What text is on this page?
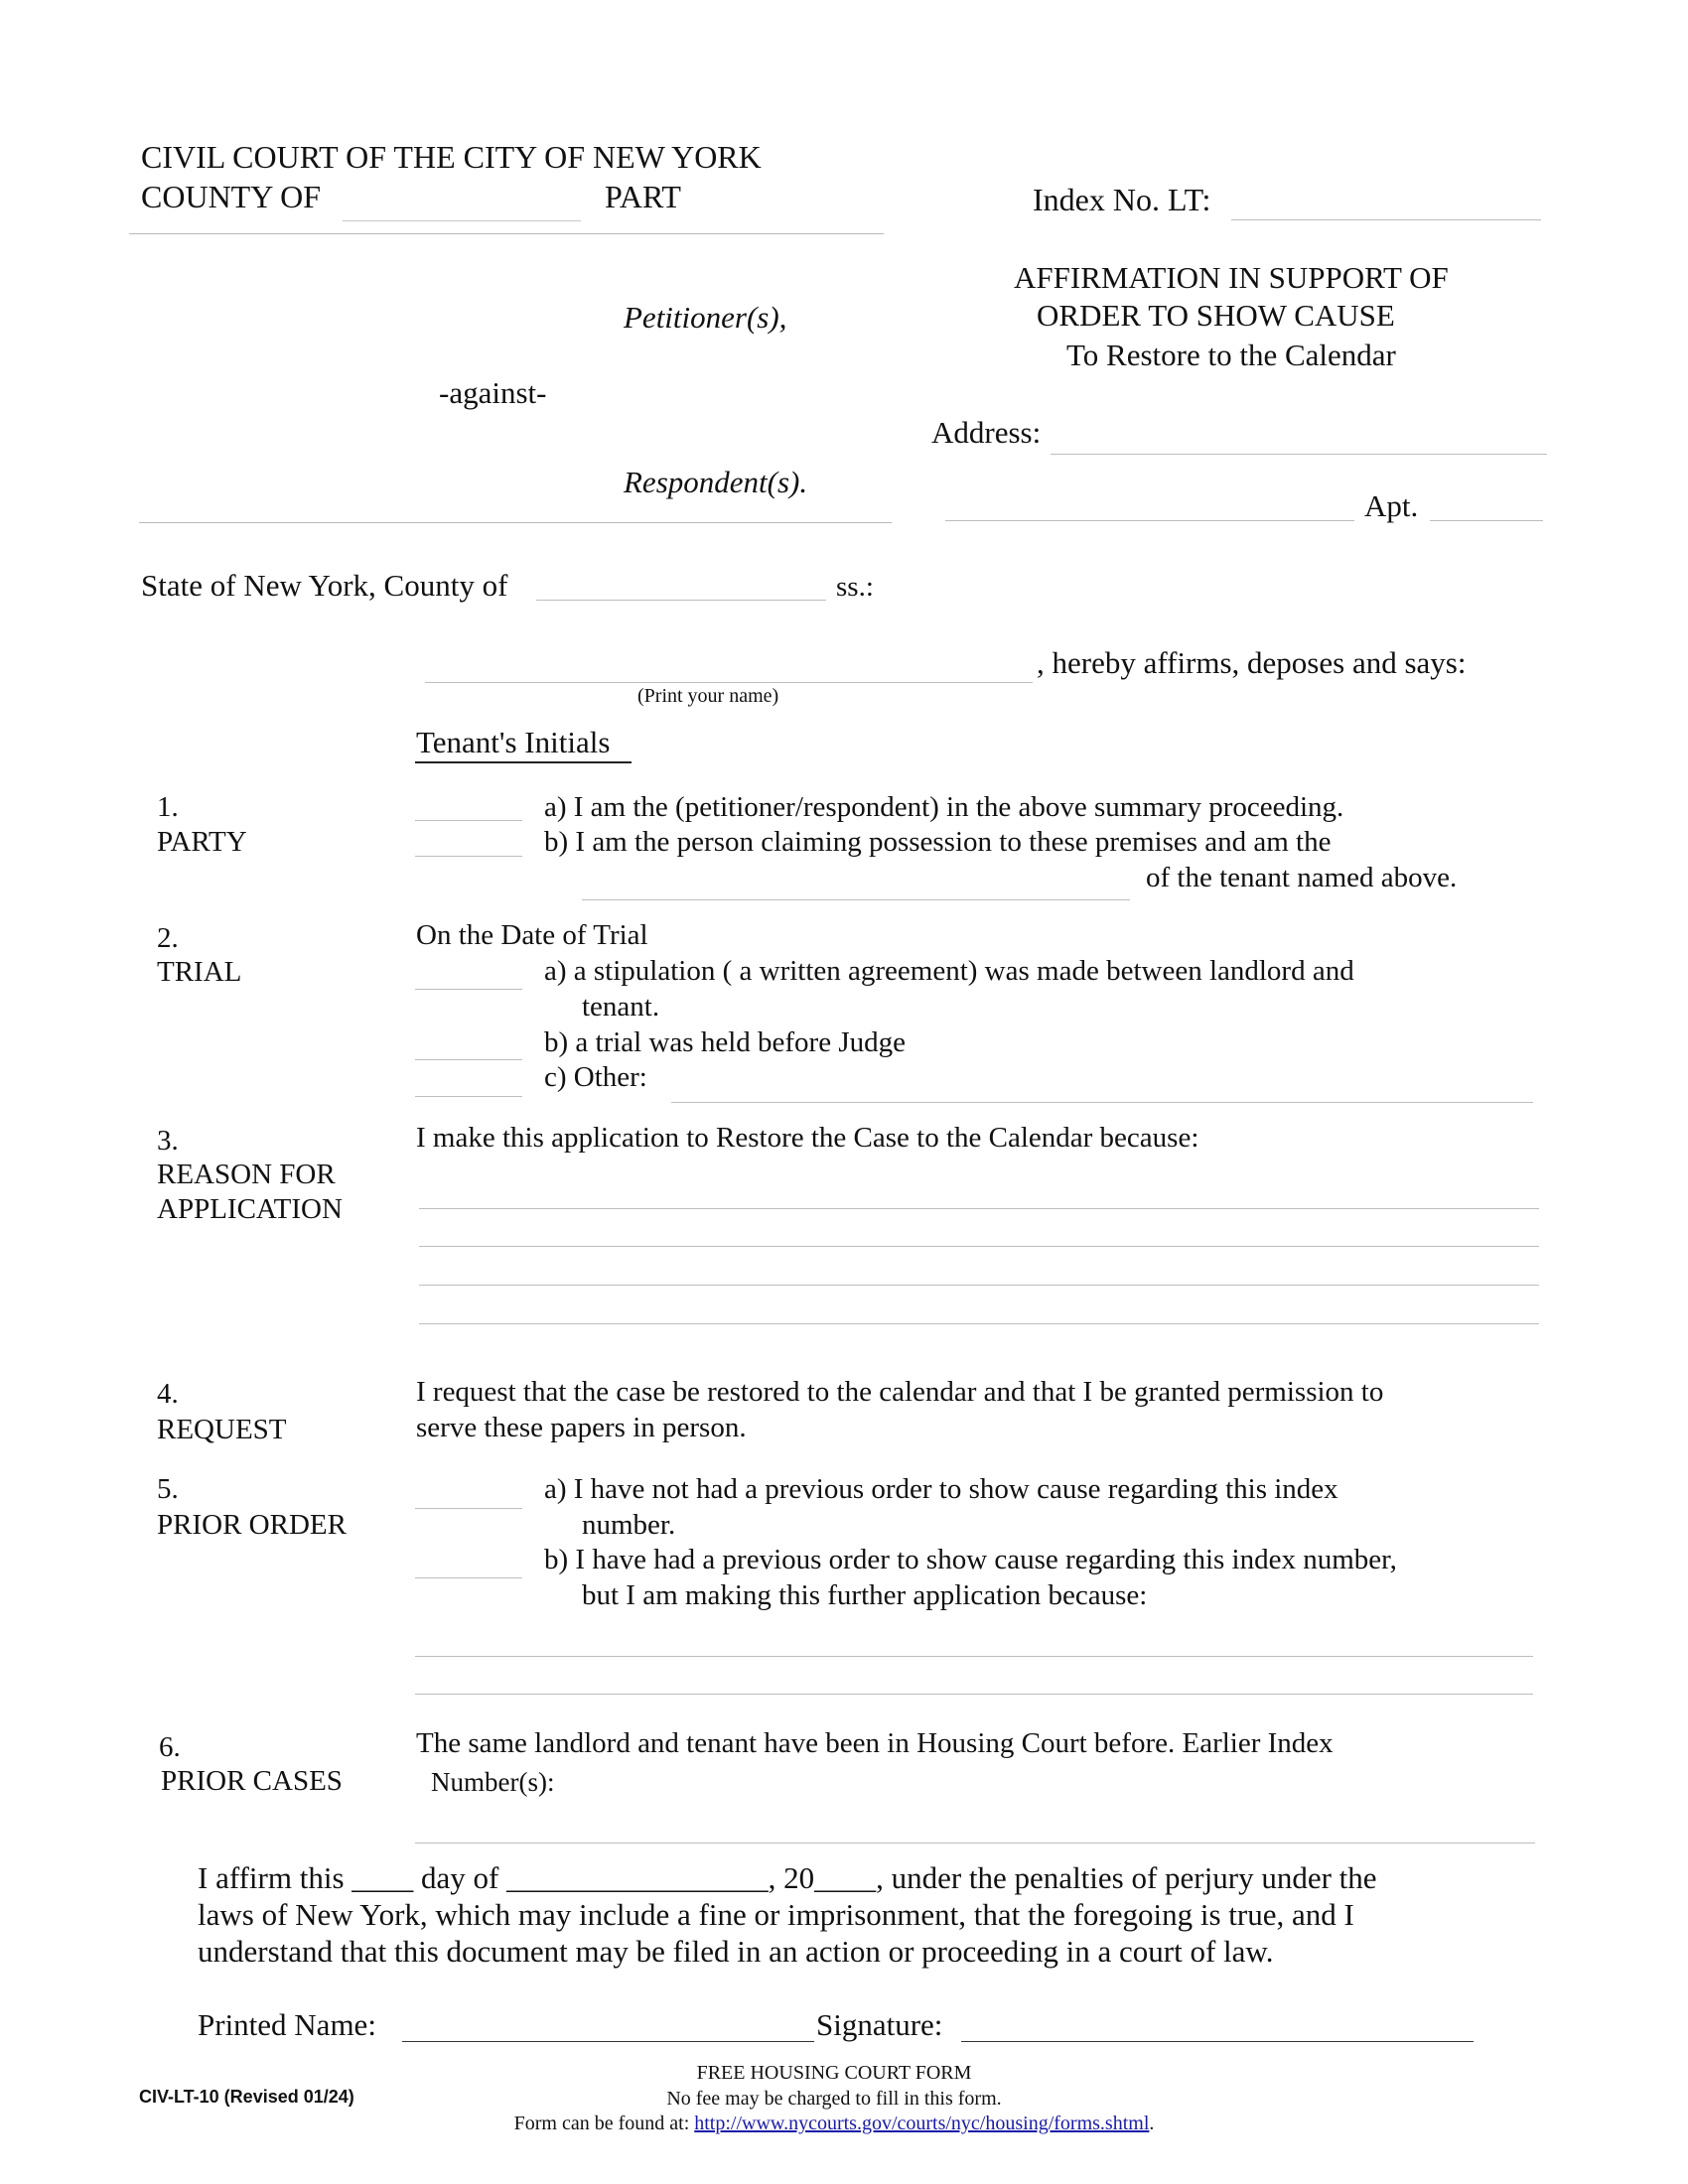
CIVIL COURT OF THE CITY OF NEW YORK
COUNTY OF	PART	Index No. LT:
Petitioner(s),
-against-
Respondent(s).
AFFIRMATION IN SUPPORT OF
ORDER TO SHOW CAUSE
To Restore to the Calendar
Address:
Apt.
State of New York, County of	ss.:
, hereby affirms, deposes and says:
(Print your name)
Tenant's Initials
1.
PARTY
a) I am the (petitioner/respondent) in the above summary proceeding.
b) I am the person claiming possession to these premises and am the
of the tenant named above.
2.
TRIAL
On the Date of Trial
a) a stipulation ( a written agreement) was made between landlord and
tenant.
b) a trial was held before Judge
c) Other:
3.
REASON FOR
APPLICATION
I make this application to Restore the Case to the Calendar because:
4.
REQUEST
I request that the case be restored to the calendar and that I be granted permission to
serve these papers in person.
5.
PRIOR ORDER
a) I have not had a previous order to show cause regarding this index
number.
b) I have had a previous order to show cause regarding this index number,
but I am making this further application because:
6.
PRIOR CASES
The same landlord and tenant have been in Housing Court before. Earlier Index
Number(s):
I affirm this ____ day of _________________, 20____, under the penalties of perjury under the
laws of New York, which may include a fine or imprisonment, that the foregoing is true, and I
understand that this document may be filed in an action or proceeding in a court of law.
Printed Name:	Signature:
CIV-LT-10 (Revised 01/24)
FREE HOUSING COURT FORM
No fee may be charged to fill in this form.
Form can be found at: http://www.nycourts.gov/courts/nyc/housing/forms.shtml.
